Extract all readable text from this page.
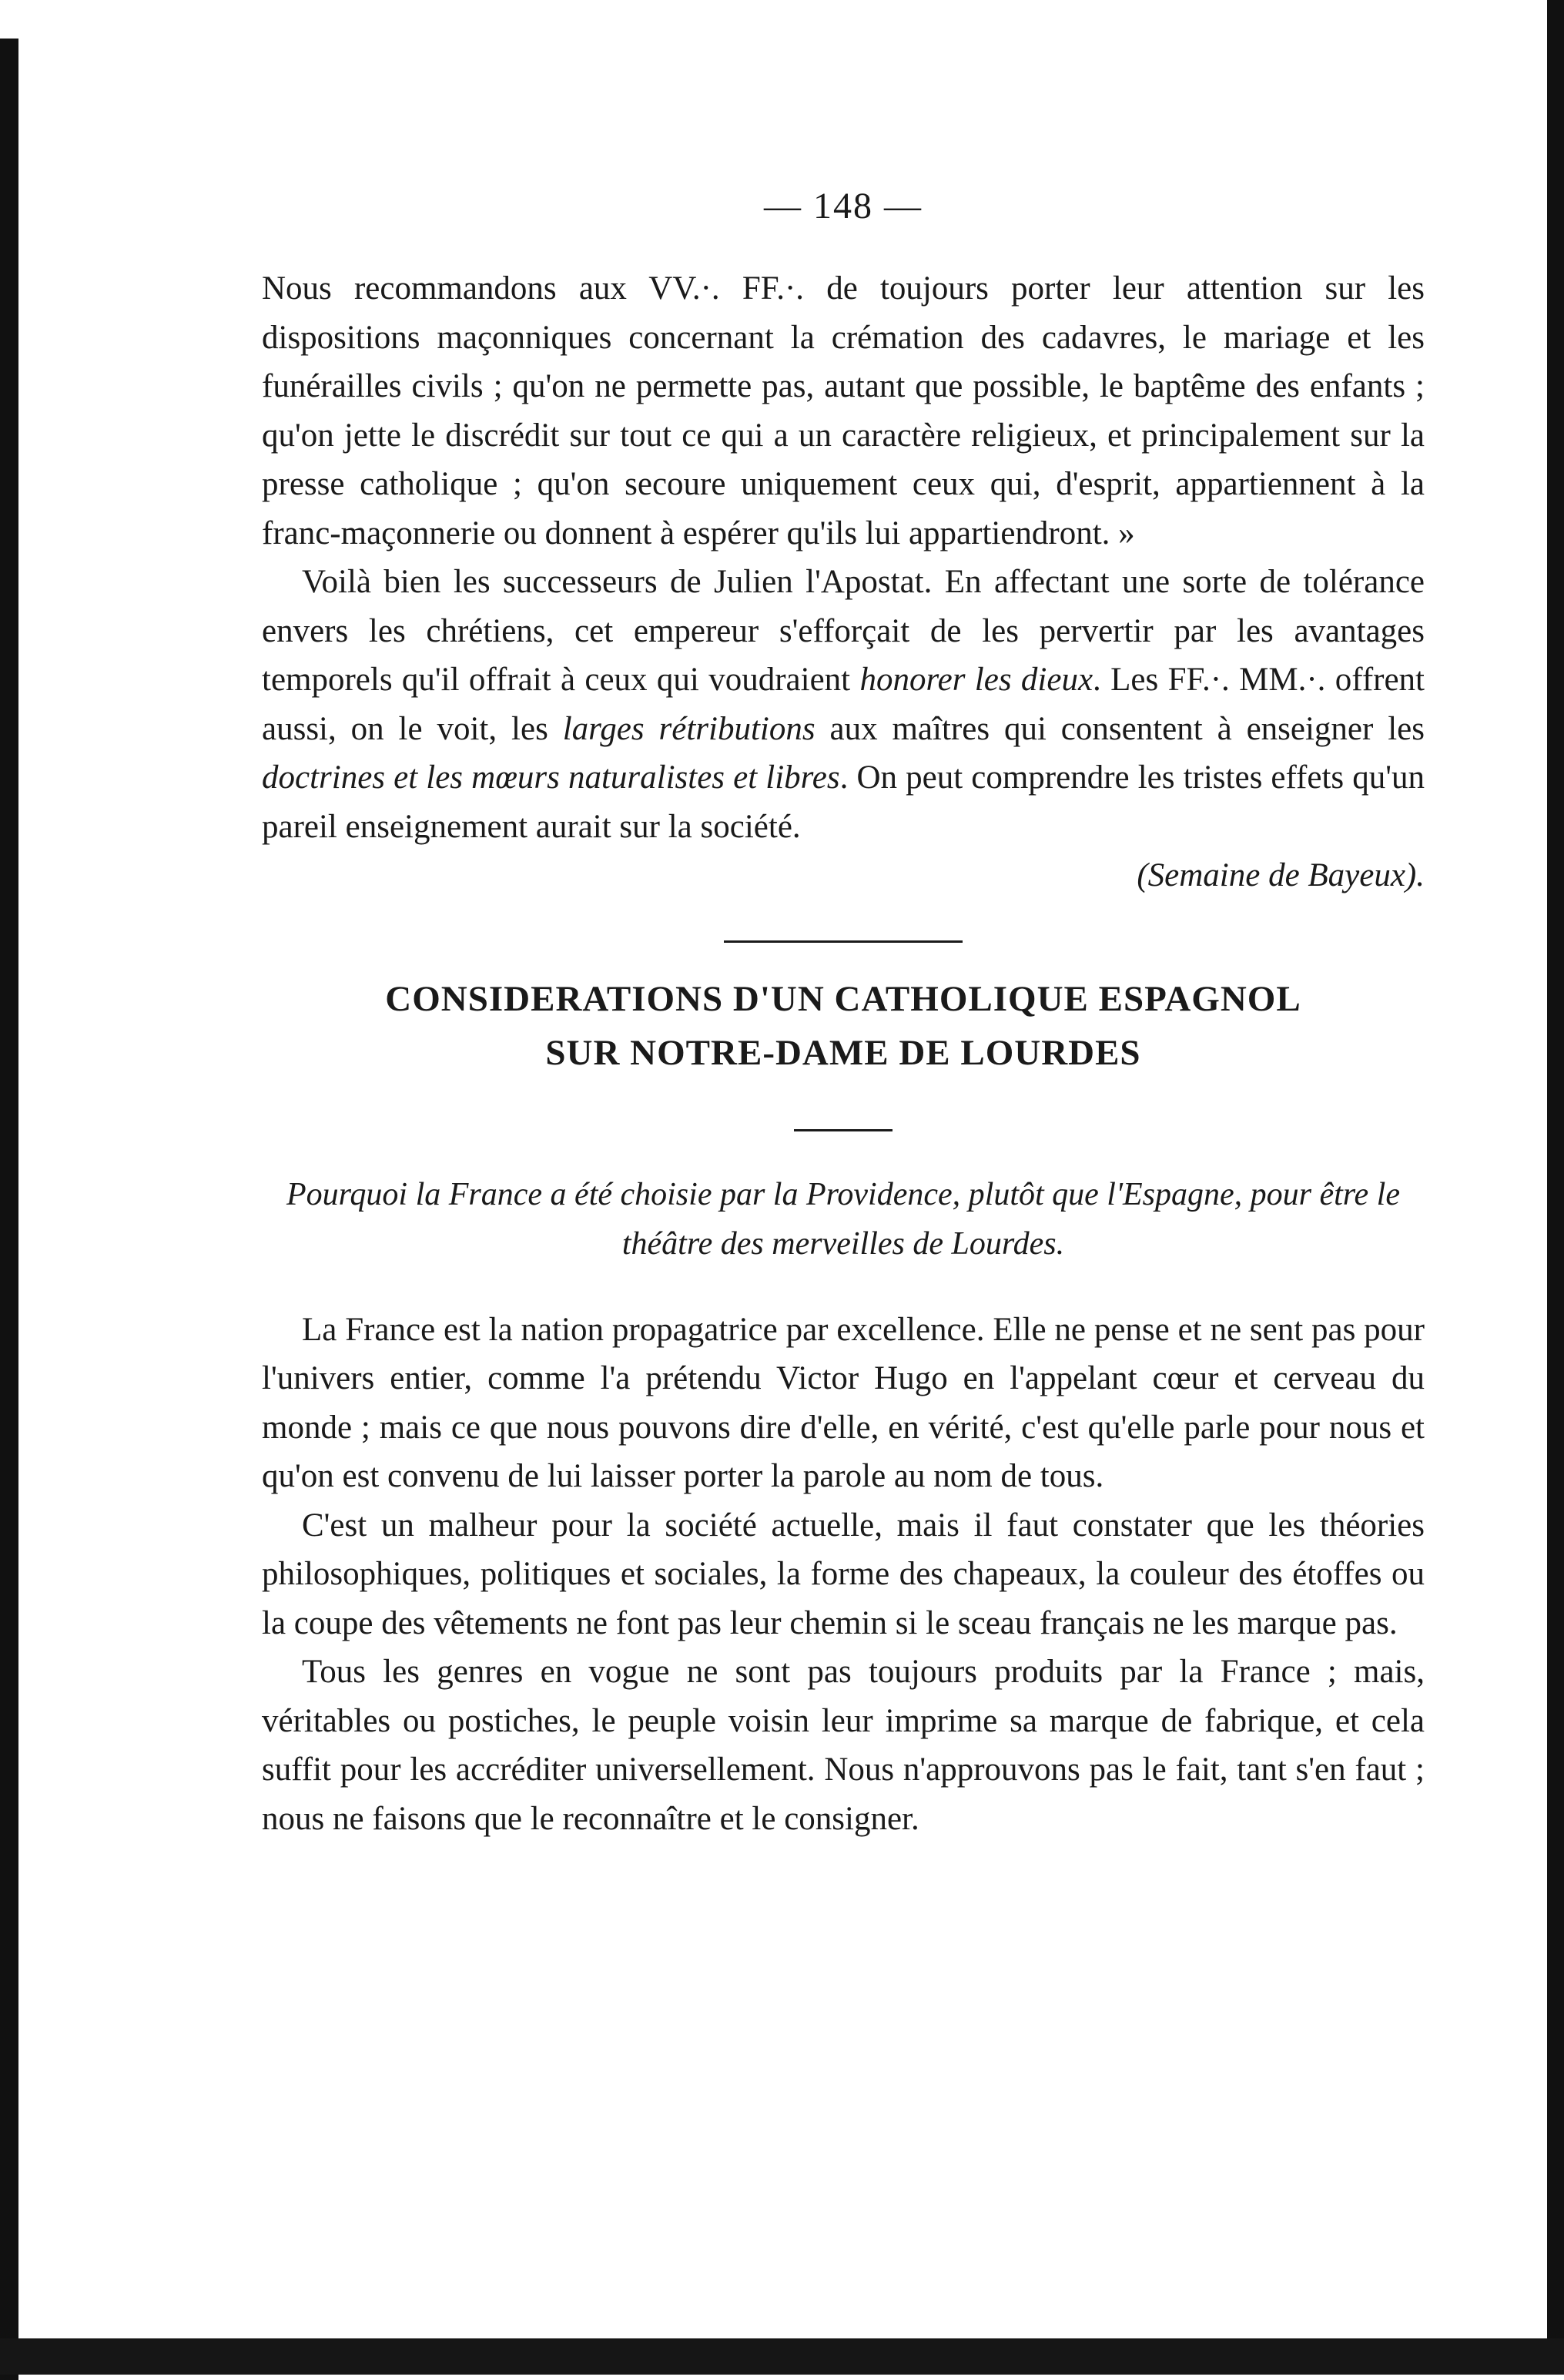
— 148 —

Nous recommandons aux VV.·. FF.·. de toujours porter leur attention sur les dispositions maçonniques concernant la crémation des cadavres, le mariage et les funérailles civils ; qu'on ne permette pas, autant que possible, le baptême des enfants ; qu'on jette le discrédit sur tout ce qui a un caractère religieux, et principalement sur la presse catholique ; qu'on secoure uniquement ceux qui, d'esprit, appartiennent à la franc-maçonnerie ou donnent à espérer qu'ils lui appartiendront. »

Voilà bien les successeurs de Julien l'Apostat. En affectant une sorte de tolérance envers les chrétiens, cet empereur s'efforçait de les pervertir par les avantages temporels qu'il offrait à ceux qui voudraient honorer les dieux. Les FF.·. MM.·. offrent aussi, on le voit, les larges rétributions aux maîtres qui consentent à enseigner les doctrines et les mœurs naturalistes et libres. On peut comprendre les tristes effets qu'un pareil enseignement aurait sur la société.

(Semaine de Bayeux).
CONSIDERATIONS D'UN CATHOLIQUE ESPAGNOL
SUR NOTRE-DAME DE LOURDES
Pourquoi la France a été choisie par la Providence, plutôt que l'Espagne, pour être le théâtre des merveilles de Lourdes.

La France est la nation propagatrice par excellence. Elle ne pense et ne sent pas pour l'univers entier, comme l'a prétendu Victor Hugo en l'appelant cœur et cerveau du monde ; mais ce que nous pouvons dire d'elle, en vérité, c'est qu'elle parle pour nous et qu'on est convenu de lui laisser porter la parole au nom de tous.

C'est un malheur pour la société actuelle, mais il faut constater que les théories philosophiques, politiques et sociales, la forme des chapeaux, la couleur des étoffes ou la coupe des vêtements ne font pas leur chemin si le sceau français ne les marque pas.

Tous les genres en vogue ne sont pas toujours produits par la France ; mais, véritables ou postiches, le peuple voisin leur imprime sa marque de fabrique, et cela suffit pour les accréditer universellement. Nous n'approuvons pas le fait, tant s'en faut ; nous ne faisons que le reconnaître et le consigner.
